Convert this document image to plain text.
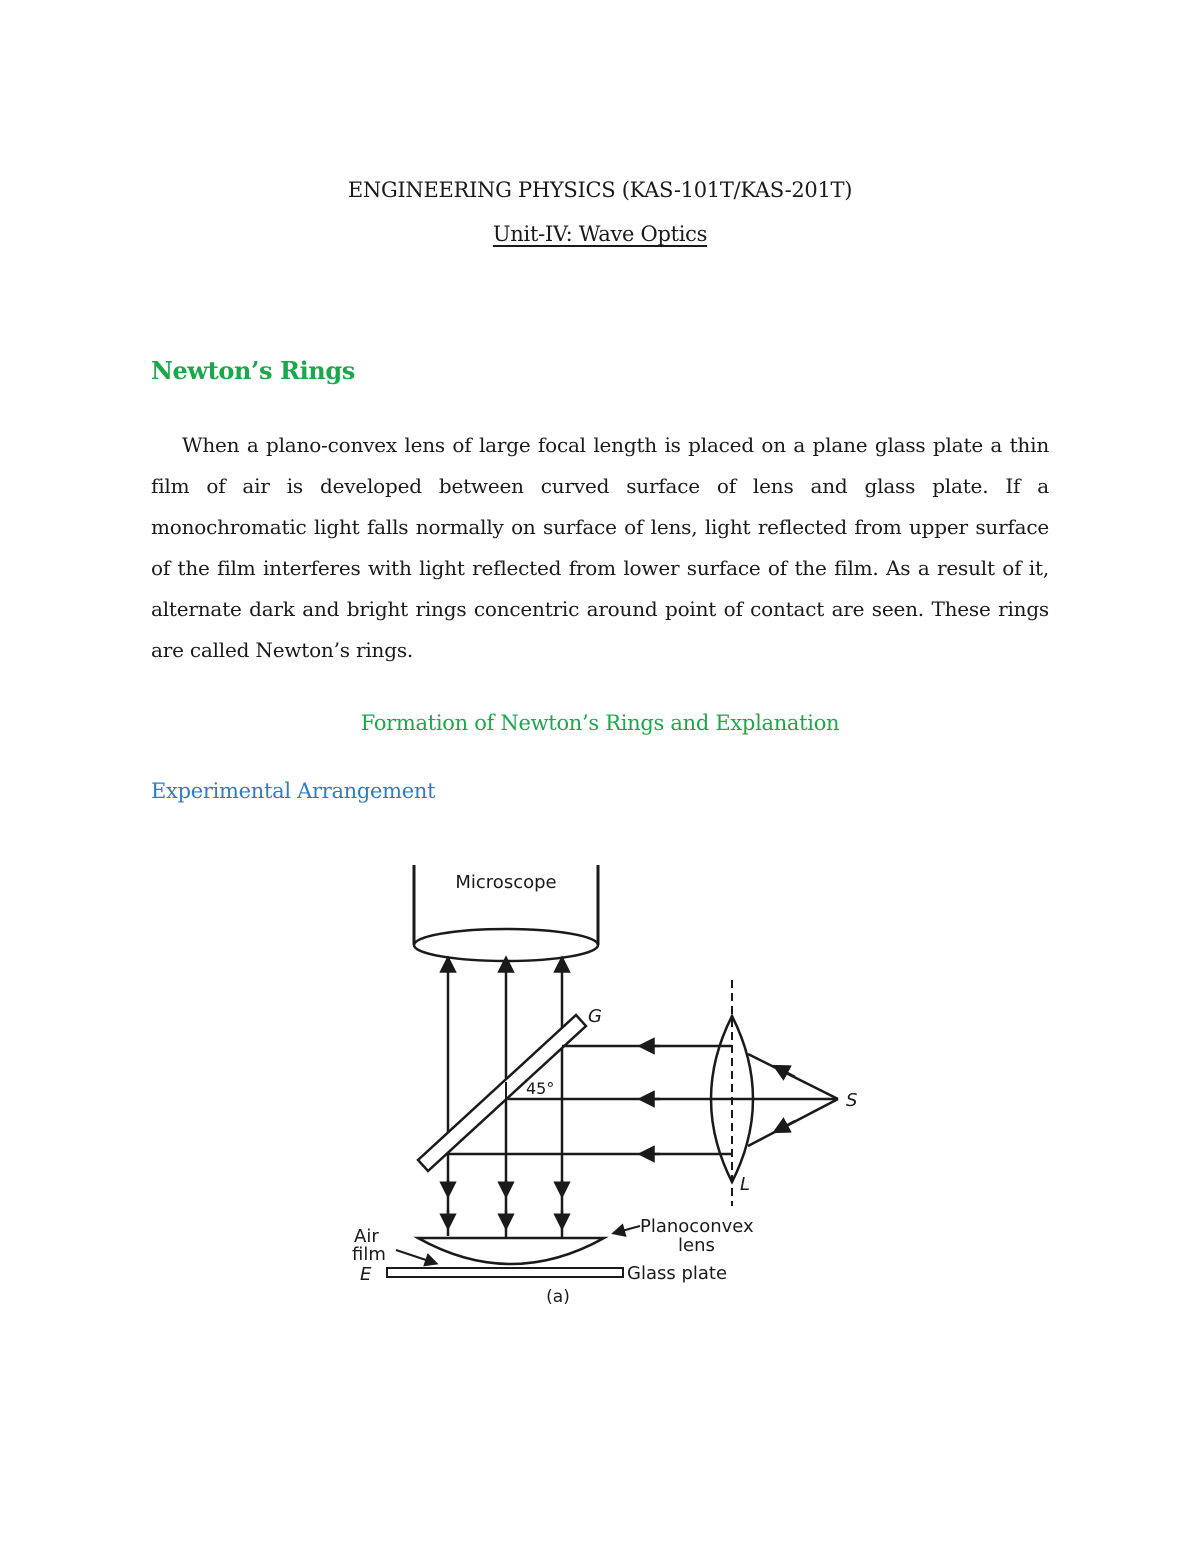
ENGINEERING PHYSICS (KAS-101T/KAS-201T)
Unit-IV: Wave Optics
Newton’s Rings

When a plano-convex lens of large focal length is placed on a plane glass plate a thin film of air is developed between curved surface of lens and glass plate. If a monochromatic light falls normally on surface of lens, light reflected from upper surface of the film interferes with light reflected from lower surface of the film. As a result of it, alternate dark and bright rings concentric around point of contact are seen. These rings are called Newton’s rings.

Formation of Newton’s Rings and Explanation
Experimental Arrangement
Microscope
G
45°
L
S
Air
film
E
Planoconvex
lens
Glass plate
(a)
